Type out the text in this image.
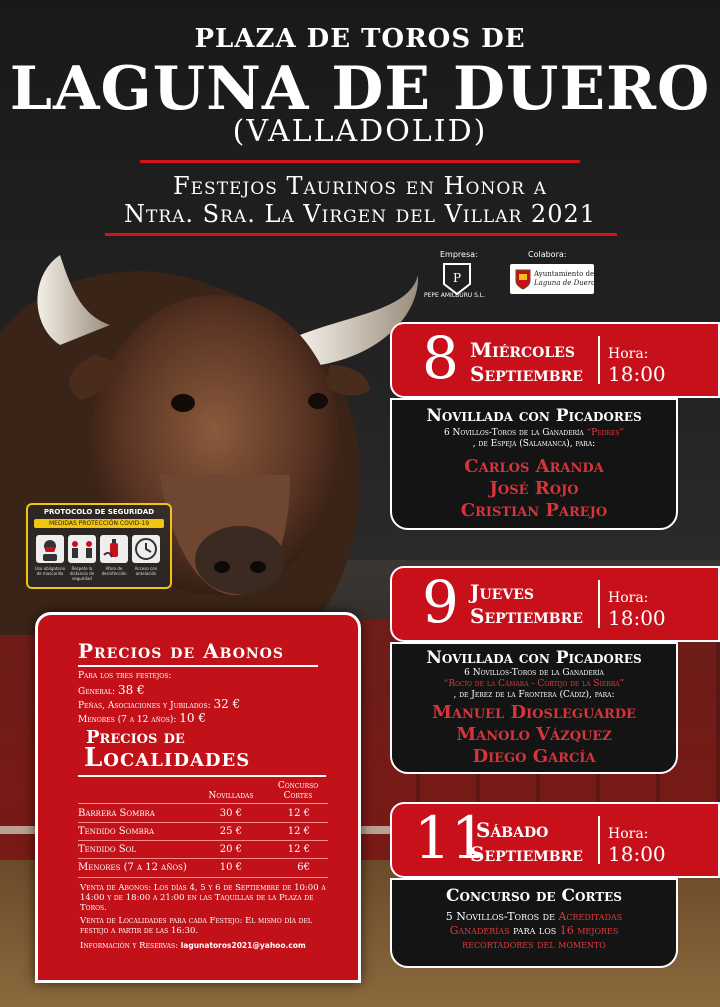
PLAZA DE TOROS DE
LAGUNA DE DUERO
(VALLADOLID)
Festejos Taurinos en Honor a
Ntra. Sra. La Virgen del Villar 2021
Empresa:
P
PEPE AMILBURU S.L.
Colabora:
Ayuntamiento de
Laguna de Duero
8 Miércoles
Septiembre
Hora:
18:00
Novillada con Picadores
6 Novillos-Toros de la Ganadería “Pedrés”
, de Espeja (Salamanca), para:
Carlos Aranda
José Rojo
Cristian Parejo
9 Jueves
Septiembre
Hora:
18:00
Novillada con Picadores
6 Novillos-Toros de la Ganadería
“Rocío de la Cámara - Cortijo de la Sierra”
, de Jerez de la Frontera (Cádiz), para:
Manuel Diosleguarde
Manolo Vázquez
Diego García
11
Sábado
Septiembre
Hora:
18:00
Concurso de Cortes
5 Novillos-Toros de Acreditadas
Ganaderías para los 16 mejores
recortadores del momento
PROTOCOLO DE SEGURIDAD
MEDIDAS PROTECCIÓN COVID-19
Uso obligatorio de mascarilla
Respete la distancia de seguridad
Aforo de desinfección
Acceso con antelación
Precios de Abonos
Para los tres festejos:
General: 38 €
Peñas, Asociaciones y Jubilados: 32 €
Menores (7 a 12 años): 10 €
Precios de
Localidades
Novilladas
Concurso
Cortes
Barrera Sombra	30 €	12 €
Tendido Sombra	25 €	12 €
Tendido Sol	20 €	12 €
Menores (7 a 12 años)	10 €	6€
Venta de Abonos: Los días 4, 5 y 6 de Septiembre de 10:00 a 14:00 y de 18:00 a 21:00 en las Taquillas de la Plaza de Toros.
Venta de Localidades para cada Festejo: El mismo día del festejo a partir de las 16:30.
Información y Reservas: lagunatoros2021@yahoo.com
